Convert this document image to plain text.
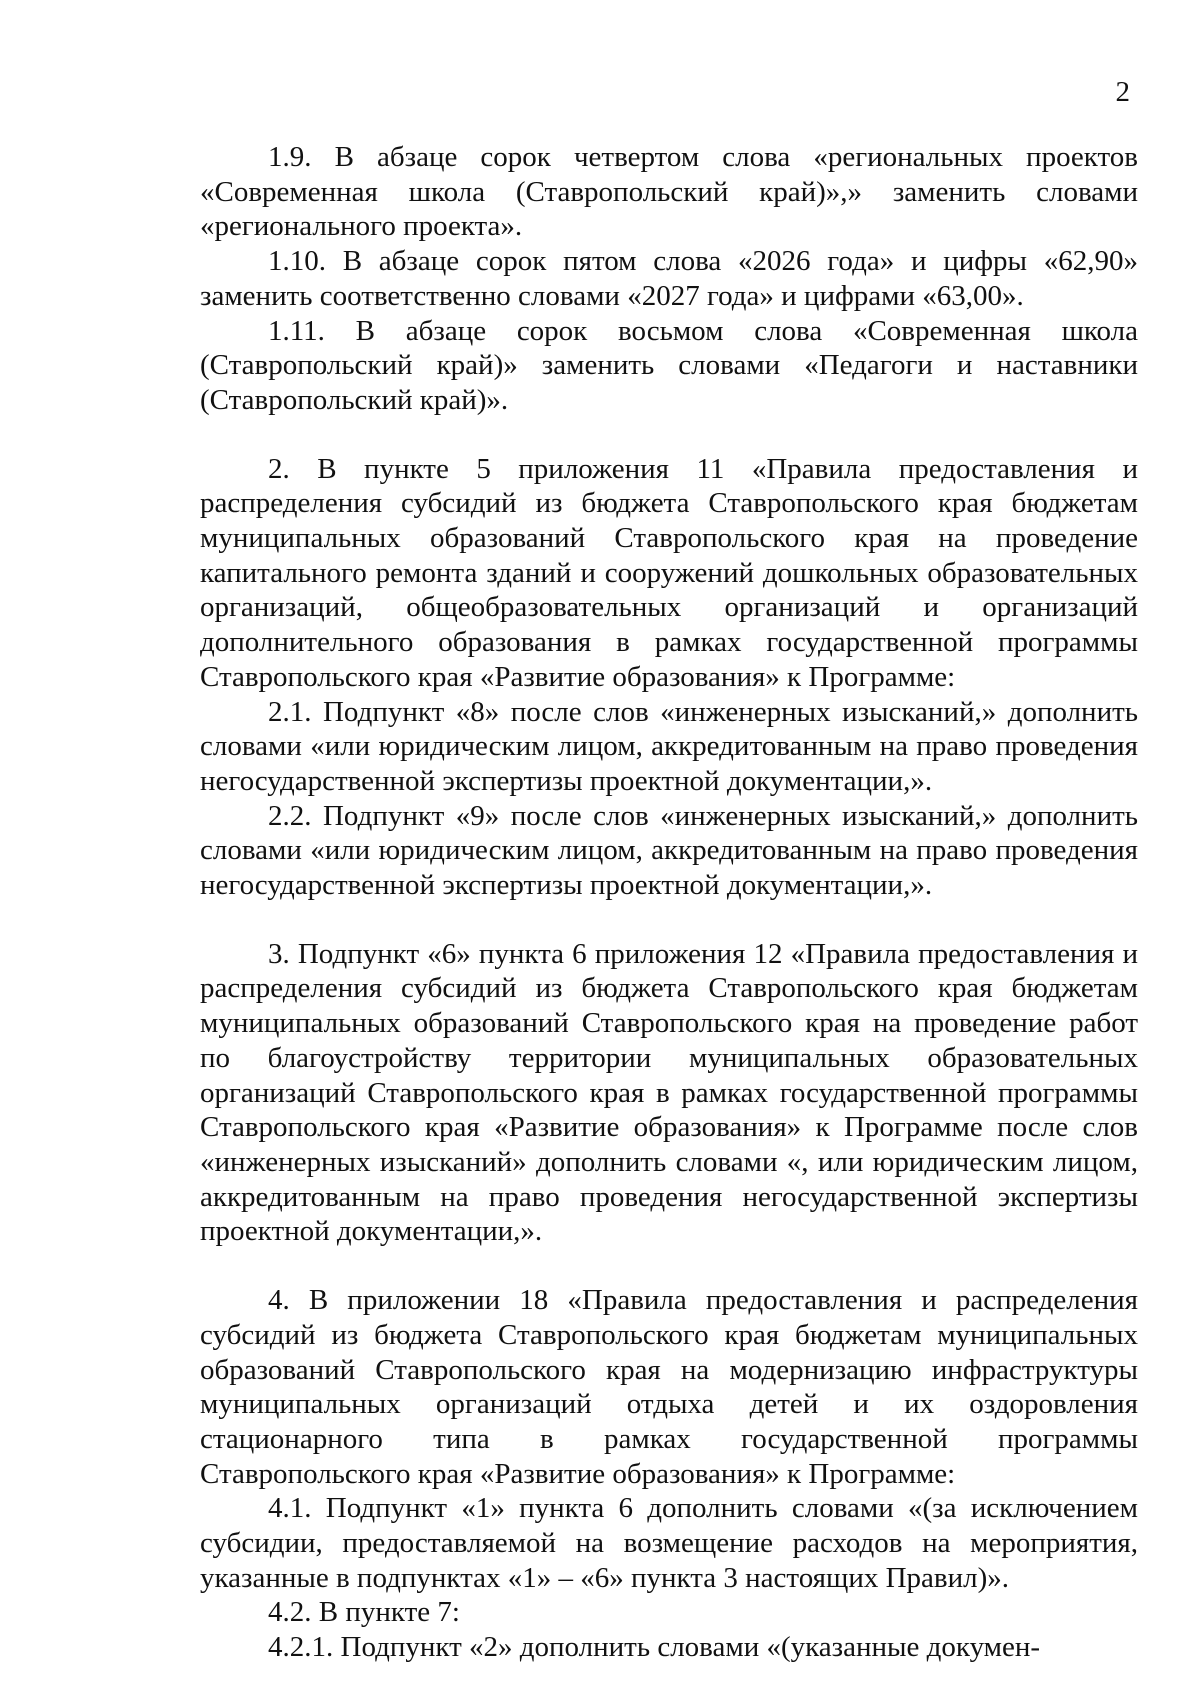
2

1.9. В абзаце сорок четвертом слова «региональных проектов «Современная школа (Ставропольский край)»,» заменить словами «регионального проекта».

1.10. В абзаце сорок пятом слова «2026 года» и цифры «62,90» заменить соответственно словами «2027 года» и цифрами «63,00».

1.11. В абзаце сорок восьмом слова «Современная школа (Ставропольский край)» заменить словами «Педагоги и наставники (Ставропольский край)».

2. В пункте 5 приложения 11 «Правила предоставления и распределения субсидий из бюджета Ставропольского края бюджетам муниципальных образований Ставропольского края на проведение капитального ремонта зданий и сооружений дошкольных образовательных организаций, общеобразовательных организаций и организаций дополнительного образования в рамках государственной программы Ставропольского края «Развитие образования» к Программе:

2.1. Подпункт «8» после слов «инженерных изысканий,» дополнить словами «или юридическим лицом, аккредитованным на право проведения негосударственной экспертизы проектной документации,».

2.2. Подпункт «9» после слов «инженерных изысканий,» дополнить словами «или юридическим лицом, аккредитованным на право проведения негосударственной экспертизы проектной документации,».

3. Подпункт «6» пункта 6 приложения 12 «Правила предоставления и распределения субсидий из бюджета Ставропольского края бюджетам муниципальных образований Ставропольского края на проведение работ по благоустройству территории муниципальных образовательных организаций Ставропольского края в рамках государственной программы Ставропольского края «Развитие образования» к Программе после слов «инженерных изысканий» дополнить словами «, или юридическим лицом, аккредитованным на право проведения негосударственной экспертизы проектной документации,».

4. В приложении 18 «Правила предоставления и распределения субсидий из бюджета Ставропольского края бюджетам муниципальных образований Ставропольского края на модернизацию инфраструктуры муниципальных организаций отдыха детей и их оздоровления стационарного типа в рамках государственной программы Ставропольского края «Развитие образования» к Программе:

4.1. Подпункт «1» пункта 6 дополнить словами «(за исключением субсидии, предоставляемой на возмещение расходов на мероприятия, указанные в подпунктах «1» – «6» пункта 3 настоящих Правил)».

4.2. В пункте 7:

4.2.1. Подпункт «2» дополнить словами «(указанные докумен-
